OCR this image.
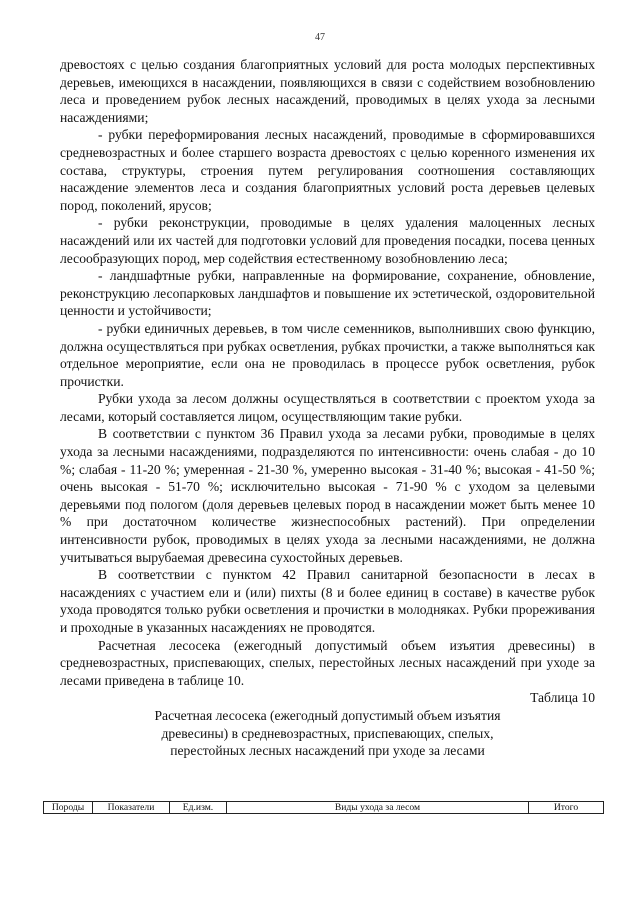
47

древостоях с целью создания благоприятных условий для роста молодых перспективных деревьев, имеющихся в насаждении, появляющихся в связи с содействием возобновлению леса и проведением рубок лесных насаждений, проводимых в целях ухода за лесными насаждениями;

- рубки переформирования лесных насаждений, проводимые в сформировавшихся средневозрастных и более старшего возраста древостоях с целью коренного изменения их состава, структуры, строения путем регулирования соотношения составляющих насаждение элементов леса и создания благоприятных условий роста деревьев целевых пород, поколений, ярусов;

- рубки реконструкции, проводимые в целях удаления малоценных лесных насаждений или их частей для подготовки условий для проведения посадки, посева ценных лесообразующих пород, мер содействия естественному возобновлению леса;

- ландшафтные рубки, направленные на формирование, сохранение, обновление, реконструкцию лесопарковых ландшафтов и повышение их эстетической, оздоровительной ценности и устойчивости;

- рубки единичных деревьев, в том числе семенников, выполнивших свою функцию, должна осуществляться при рубках осветления, рубках прочистки, а также выполняться как отдельное мероприятие, если она не проводилась в процессе рубок осветления, рубок прочистки.

Рубки ухода за лесом должны осуществляться в соответствии с проектом ухода за лесами, который составляется лицом, осуществляющим такие рубки.

В соответствии с пунктом 36 Правил ухода за лесами рубки, проводимые в целях ухода за лесными насаждениями, подразделяются по интенсивности: очень слабая - до 10 %; слабая - 11-20 %; умеренная - 21-30 %, умеренно высокая - 31-40 %; высокая - 41-50 %; очень высокая - 51-70 %; исключительно высокая - 71-90 % с уходом за целевыми деревьями под пологом (доля деревьев целевых пород в насаждении может быть менее 10 % при достаточном количестве жизнеспособных растений). При определении интенсивности рубок, проводимых в целях ухода за лесными насаждениями, не должна учитываться вырубаемая древесина сухостойных деревьев.

В соответствии с пунктом 42 Правил санитарной безопасности в лесах в насаждениях с участием ели и (или) пихты (8 и более единиц в составе) в качестве рубок ухода проводятся только рубки осветления и прочистки в молодняках. Рубки прореживания и проходные в указанных насаждениях не проводятся.

Расчетная лесосека (ежегодный допустимый объем изъятия древесины) в средневозрастных, приспевающих, спелых, перестойных лесных насаждений при уходе за лесами приведена в таблице 10.

Таблица 10

Расчетная лесосека (ежегодный допустимый объем изъятия
древесины) в средневозрастных, приспевающих, спелых,
перестойных лесных насаждений при уходе за лесами

Породы	Показатели	Ед.изм.	Виды ухода за лесом	Итого
